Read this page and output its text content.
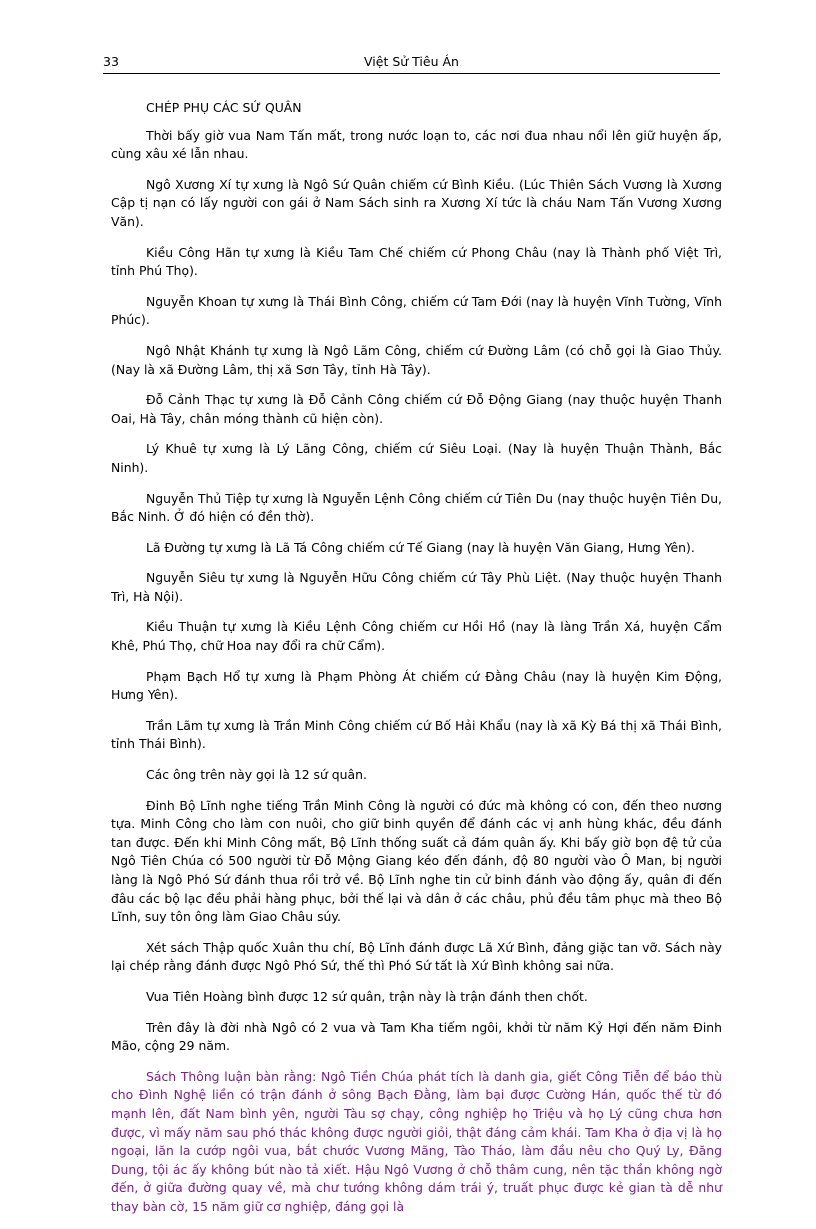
33	Việt Sử Tiêu Án

CHÉP PHỤ CÁC SỨ QUÂN

Thời bấy giờ vua Nam Tấn mất, trong nước loạn to, các nơi đua nhau nổi lên giữ huyện ấp, cùng xâu xé lẫn nhau.

Ngô Xương Xí tự xưng là Ngô Sứ Quân chiếm cứ Bình Kiều. (Lúc Thiên Sách Vương là Xương Cập tị nạn có lấy người con gái ở Nam Sách sinh ra Xương Xí tức là cháu Nam Tấn Vương Xương Văn).

Kiều Công Hãn tự xưng là Kiều Tam Chế chiếm cứ Phong Châu (nay là Thành phố Việt Trì, tỉnh Phú Thọ).

Nguyễn Khoan tự xưng là Thái Bình Công, chiếm cứ Tam Đới (nay là huyện Vĩnh Tường, Vĩnh Phúc).

Ngô Nhật Khánh tự xưng là Ngô Lãm Công, chiếm cứ Đường Lâm (có chỗ gọi là Giao Thủy. (Nay là xã Đường Lâm, thị xã Sơn Tây, tỉnh Hà Tây).

Đỗ Cảnh Thạc tự xưng là Đỗ Cảnh Công chiếm cứ Đỗ Động Giang (nay thuộc huyện Thanh Oai, Hà Tây, chân móng thành cũ hiện còn).

Lý Khuê tự xưng là Lý Lãng Công, chiếm cứ Siêu Loại. (Nay là huyện Thuận Thành, Bắc Ninh).

Nguyễn Thủ Tiệp tự xưng là Nguyễn Lệnh Công chiếm cứ Tiên Du (nay thuộc huyện Tiên Du, Bắc Ninh. Ở đó hiện có đền thờ).

Lã Đường tự xưng là Lã Tá Công chiếm cứ Tế Giang (nay là huyện Văn Giang, Hưng Yên).

Nguyễn Siêu tự xưng là Nguyễn Hữu Công chiếm cứ Tây Phù Liệt. (Nay thuộc huyện Thanh Trì, Hà Nội).

Kiều Thuận tự xưng là Kiều Lệnh Công chiếm cư Hồi Hồ (nay là làng Trần Xá, huyện Cẩm Khê, Phú Thọ, chữ Hoa nay đổi ra chữ Cẩm).

Phạm Bạch Hổ tự xưng là Phạm Phòng Át chiếm cứ Đằng Châu (nay là huyện Kim Động, Hưng Yên).

Trần Lãm tự xưng là Trần Minh Công chiếm cứ Bố Hải Khẩu (nay là xã Kỳ Bá thị xã Thái Bình, tỉnh Thái Bình).

Các ông trên này gọi là 12 sứ quân.

Đinh Bộ Lĩnh nghe tiếng Trần Minh Công là người có đức mà không có con, đến theo nương tựa. Minh Công cho làm con nuôi, cho giữ binh quyền để đánh các vị anh hùng khác, đều đánh tan được. Đến khi Minh Công mất, Bộ Lĩnh thống suất cả đám quân ấy. Khi bấy giờ bọn đệ tử của Ngô Tiên Chúa có 500 người từ Đỗ Mộng Giang kéo đến đánh, độ 80 người vào Ô Man, bị người làng là Ngô Phó Sứ đánh thua rồi trở về. Bộ Lĩnh nghe tin cử binh đánh vào động ấy, quân đi đến đâu các bộ lạc đều phải hàng phục, bởi thế lại và dân ở các châu, phủ đều tâm phục mà theo Bộ Lĩnh, suy tôn ông làm Giao Châu súy.

Xét sách Thập quốc Xuân thu chí, Bộ Lĩnh đánh được Lã Xứ Bình, đảng giặc tan vỡ. Sách này lại chép rằng đánh được Ngô Phó Sứ, thế thì Phó Sứ tất là Xứ Bình không sai nữa.

Vua Tiên Hoàng bình được 12 sứ quân, trận này là trận đánh then chốt.

Trên đây là đời nhà Ngô có 2 vua và Tam Kha tiếm ngôi, khởi từ năm Kỷ Hợi đến năm Đinh Mão, cộng 29 năm.

Sách Thông luận bàn rằng: Ngô Tiền Chúa phát tích là danh gia, giết Công Tiễn để báo thù cho Đình Nghệ liền có trận đánh ở sông Bạch Đằng, làm bại được Cường Hán, quốc thế từ đó mạnh lên, đất Nam bình yên, người Tàu sợ chạy, công nghiệp họ Triệu và họ Lý cũng chưa hơn được, vì mấy năm sau phó thác không được người giỏi, thật đáng cảm khái. Tam Kha ở địa vị là họ ngoại, lăn la cướp ngôi vua, bắt chước Vương Mãng, Tào Tháo, làm đầu nêu cho Quý Ly, Đăng Dung, tội ác ấy không bút nào tả xiết. Hậu Ngô Vương ở chỗ thâm cung, nên tặc thần không ngờ đến, ở giữa đường quay về, mà chư tướng không dám trái ý, truất phục được kẻ gian tà dễ như thay bàn cờ, 15 năm giữ cơ nghiệp, đáng gọi là
